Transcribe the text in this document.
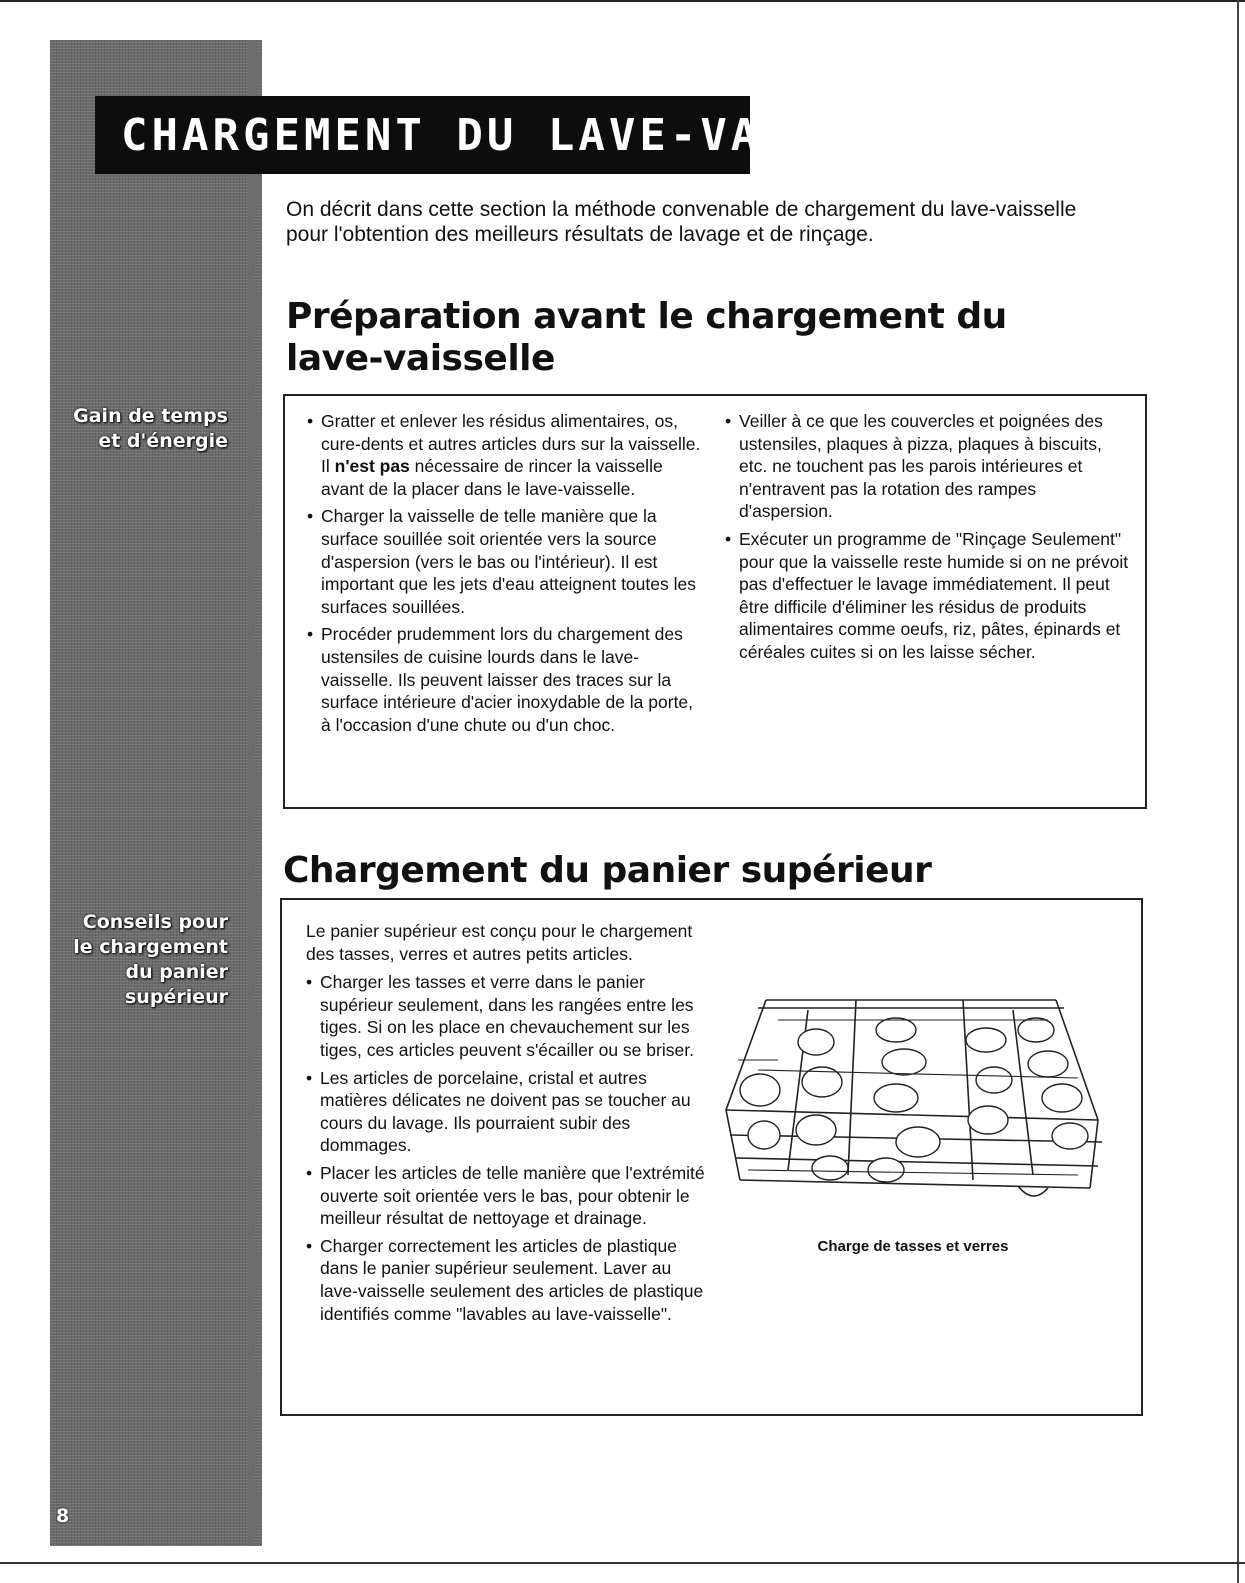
CHARGEMENT DU LAVE-VAISSELLE
Gain de temps
et d'énergie
Conseils pour
le chargement
du panier
supérieur
8
On décrit dans cette section la méthode convenable de chargement du lave-vaisselle pour l'obtention des meilleurs résultats de lavage et de rinçage.
Préparation avant le chargement du
lave-vaisselle
• Gratter et enlever les résidus alimentaires, os, cure-dents et autres articles durs sur la vaisselle. Il n'est pas nécessaire de rincer la vaisselle avant de la placer dans le lave-vaisselle.
• Charger la vaisselle de telle manière que la surface souillée soit orientée vers la source d'aspersion (vers le bas ou l'intérieur). Il est important que les jets d'eau atteignent toutes les surfaces souillées.
• Procéder prudemment lors du chargement des ustensiles de cuisine lourds dans le lave-vaisselle. Ils peuvent laisser des traces sur la surface intérieure d'acier inoxydable de la porte, à l'occasion d'une chute ou d'un choc.
• Veiller à ce que les couvercles et poignées des ustensiles, plaques à pizza, plaques à biscuits, etc. ne touchent pas les parois intérieures et n'entravent pas la rotation des rampes d'aspersion.
• Exécuter un programme de "Rinçage Seulement" pour que la vaisselle reste humide si on ne prévoit pas d'effectuer le lavage immédiatement. Il peut être difficile d'éliminer les résidus de produits alimentaires comme oeufs, riz, pâtes, épinards et céréales cuites si on les laisse sécher.
Chargement du panier supérieur
Le panier supérieur est conçu pour le chargement des tasses, verres et autres petits articles.
• Charger les tasses et verre dans le panier supérieur seulement, dans les rangées entre les tiges. Si on les place en chevauchement sur les tiges, ces articles peuvent s'écailler ou se briser.
• Les articles de porcelaine, cristal et autres matières délicates ne doivent pas se toucher au cours du lavage. Ils pourraient subir des dommages.
• Placer les articles de telle manière que l'extrémité ouverte soit orientée vers le bas, pour obtenir le meilleur résultat de nettoyage et drainage.
• Charger correctement les articles de plastique dans le panier supérieur seulement. Laver au lave-vaisselle seulement des articles de plastique identifiés comme "lavables au lave-vaisselle".
Charge de tasses et verres
